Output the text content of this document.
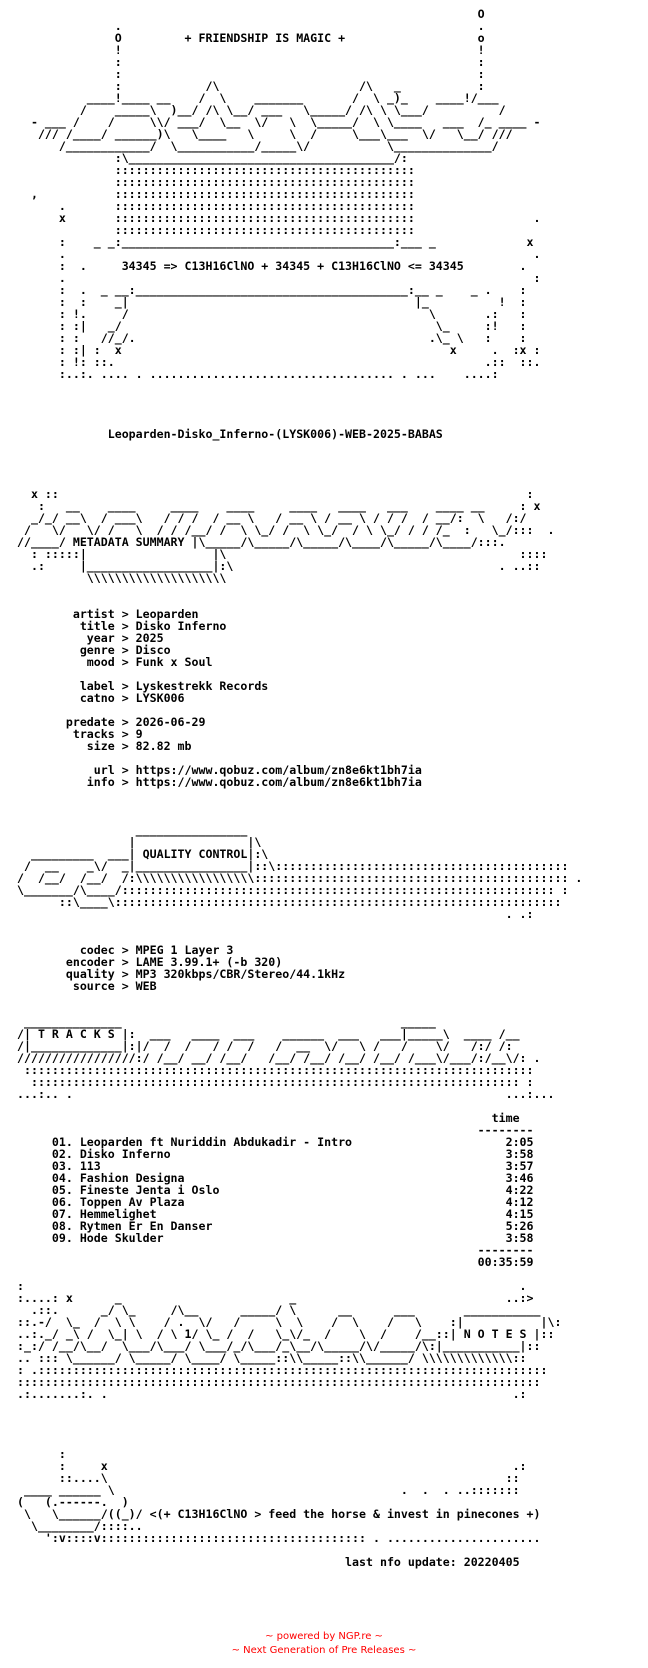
O
.                                                   .
O         + FRIENDSHIP IS MAGIC +                   o
!                                                   !
:                                                   :
:                                                   :
:            /\                    /\   _           :
____!____ __    /  \    _______       /  \ _)_    ____!/___
/    _____\  )__/ /\ \__/ ___   \_____/ /\ \ \___/          /
- ___ /    /     \\/ ___/  \__  \/   \  \_____/  \ \____   ___  /_ ____ -
/// /____/ ______)\   \____   \     \  /     \___\___  \/   \__/ ///
/____________/  \___________/_____\/           \______________/
:\______________________________________/:
:::::::::::::::::::::::::::::::::::::::::::
:::::::::::::::::::::::::::::::::::::::::::
,           :::::::::::::::::::::::::::::::::::::::::::
.       :::::::::::::::::::::::::::::::::::::::::::
x       :::::::::::::::::::::::::::::::::::::::::::                 .
:::::::::::::::::::::::::::::::::::::::::::
:    _ _:_______________________________________:___ _             x
.                                                                   .
:  .     34345 => C13H16ClNO + 34345 + C13H16ClNO <= 34345        .
.                                                                   :
:  .  _ __:_______________________________________:__ _    _ .    :
:  :    _|                                         |_          !  :
: !.     /                                           \       .:   :
: :|   _/                                             \_     :!   :
: :   //_/.                                          .\_ \   :    :
: :| :  x                                               x     .  :x :
: !: ::.                                                     .::  ::.
:..:. .... . ................................... . ...    ....:

Leoparden-Disko_Inferno-(LYSK006)-WEB-2025-BABAS

x ::                                                                   :
:   __    ____     ____    ____     ____   ____   ___    ____ __     : x
_/_/ __\  / ___\   / / /  / __ \   / __ \ / __ \ / / /  / __/:  \   /:/
/   \/   \/ /   \  / / /__/ /  \ \_/ /  \ \_/  / \ \_/ / / /_  :   \_/:::  .
//____/ METADATA SUMMARY |\_____/\_____/\_____/\____/\_____/\____/:::.
: :::::|                  |\                                          ::::
.:     |__________________|:\                                      . ..::
\\\\\\\\\\\\\\\\\\\\

artist > Leoparden
title > Disko Inferno
year > 2025
genre > Disco
mood > Funk x Soul

label > Lyskestrekk Records
catno > LYSK006

predate > 2026-06-29
tracks > 9
size > 82.82 mb

url > https://www.qobuz.com/album/zn8e6kt1bh7ia
info > https://www.qobuz.com/album/zn8e6kt1bh7ia

________________
|                |\
_________  ___| QUALITY CONTROL|:\
/  __    _\/  _|________________|::\::::::::::::::::::::::::::::::::::::::::::
/  /__/  /__/  /:\\\\\\\\\\\\\\\\\::::::::::::::::::::::::::::::::::::::::::::: .
\_______/\____/:::::::::::::::::::::::::::::::::::::::::::::::::::::::::::::: :
::\____\::::::::::::::::::::::::::::::::::::::::::::::::::::::::::::::::
. .:

codec > MPEG 1 Layer 3
encoder > LAME 3.99.1+ (-b 320)
quality > MP3 320kbps/CBR/Stereo/44.1kHz
source > WEB

______________                                        _____
/| T R A C K S |:  ___   ____  ___    ______  ___   ___|_____\  ____ /__
/|_____________|:|/  /  /   / /  /   /  __  \/   \ /   /    \/   /:/ /:
/////////////////:/ /__/ __/ /__/   /__/ /__/ /__/ /__/ /___\/___/:/__\/: .
:::::::::::::::::::::::::::::::::::::::::::::::::::::::::::::::::::::::::
:::::::::::::::::::::::::::::::::::::::::::::::::::::::::::::::::::::: :
...:.. .                                                              ...:...

time
--------
01. Leoparden ft Nuriddin Abdukadir - Intro                      2:05
02. Disko Inferno                                                3:58
03. 113                                                          3:57
04. Fashion Designa                                              3:46
05. Fineste Jenta i Oslo                                         4:22
06. Toppen Av Plaza                                              4:12
07. Hemmelighet                                                  4:15
08. Rytmen Er En Danser                                          5:26
09. Hode Skulder                                                 3:58
--------
00:35:59

:                                                                       .
:....: x      _                        _                              ..:>
.::.      _/ \_     /\__      _____/ \      __      ___       ___________
::.-/  \_  /  \ \    / .  \/   /     \  \    /  \    /   \    :|           |\:
..:._/ _\ /  \_| \  / \ 1/ \_ /  /   \_\/_  /    \  /    /__::| N O T E S |::
:_:/ /__/\__/  \___/\___/ \___/_/\___/_\__/\_____/\/_____/\:|___________|::
.. ::: \______/ \_____/ \____/ \_____::\\_____::\\______/ \\\\\\\\\\\\\::
: .:::::::::::::::::::::::::::::::::::::::::::::::::::::::::::::::::::::::::
:::::::::::::::::::::::::::::::::::::::::::::::::::::::::::::::::::::::::::
.:.......:. .                                                          .:

:
:     x                                                          .:
::....\                                                         ::
____ ______ \                                         .  .  . ..:::::::
(   (.------.  )
\   \______/((_)/ <(+ C13H16ClNO > feed the horse & invest in pinecones +)
\________/::::..
':v::::v:::::::::::::::::::::::::::::::::::::: . ......................

last nfo update: 20220405
~ powered by NGP.re ~
~ Next Generation of Pre Releases ~
